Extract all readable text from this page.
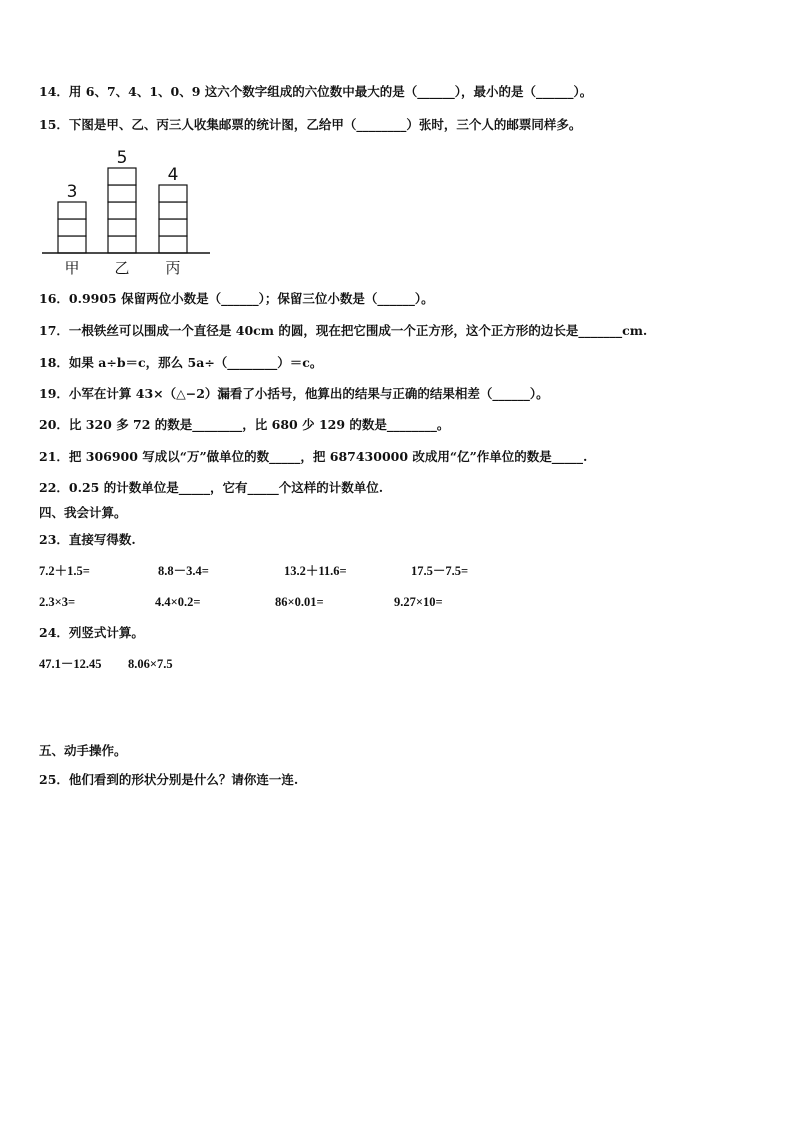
14．用 6、7、4、1、0、9 这六个数字组成的六位数中最大的是（______），最小的是（______）。
15．下图是甲、乙、丙三人收集邮票的统计图，乙给甲（________）张时，三个人的邮票同样多。
3
甲
5
乙
4
丙
16．0.9905 保留两位小数是（______）；保留三位小数是（______）。
17．一根铁丝可以围成一个直径是 40cm 的圆，现在把它围成一个正方形，这个正方形的边长是_______cm.
18．如果 a÷b＝c，那么 5a÷（________）＝c。
19．小军在计算 43×（△−2）漏看了小括号，他算出的结果与正确的结果相差（______）。
20．比 320 多 72 的数是________，比 680 少 129 的数是________。
21．把 306900 写成以“万”做单位的数_____，把 687430000 改成用“亿”作单位的数是_____.
22．0.25 的计数单位是_____，它有_____个这样的计数单位.
四、我会计算。
23．直接写得数.
7.2＋1.5=	8.8－3.4=	13.2＋11.6=	17.5－7.5=
2.3×3=	4.4×0.2=	86×0.01=	9.27×10=
24．列竖式计算。
47.1－12.45 8.06×7.5
五、动手操作。
25．他们看到的形状分别是什么？请你连一连.
